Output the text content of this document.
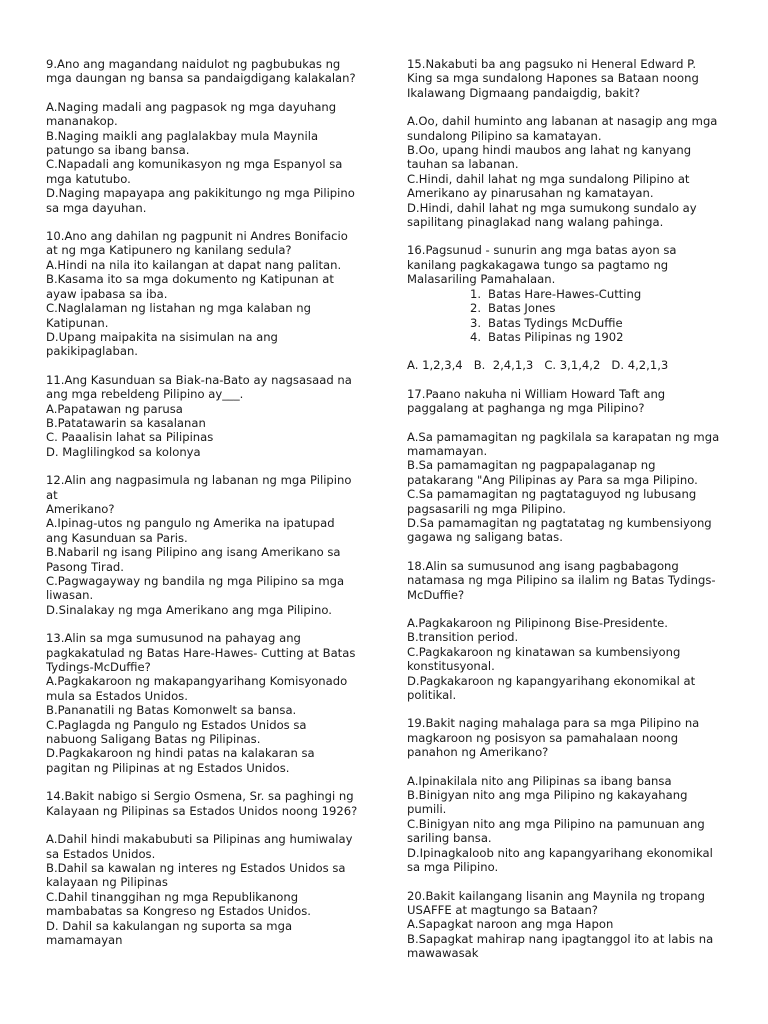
9.Ano ang magandang naidulot ng pagbubukas ng
mga daungan ng bansa sa pandaigdigang kalakalan?
A.Naging madali ang pagpasok ng mga dayuhang
mananakop.
B.Naging maikli ang paglalakbay mula Maynila
patungo sa ibang bansa.
C.Napadali ang komunikasyon ng mga Espanyol sa
mga katutubo.
D.Naging mapayapa ang pakikitungo ng mga Pilipino
sa mga dayuhan.
10.Ano ang dahilan ng pagpunit ni Andres Bonifacio
at ng mga Katipunero ng kanilang sedula?
A.Hindi na nila ito kailangan at dapat nang palitan.
B.Kasama ito sa mga dokumento ng Katipunan at
ayaw ipabasa sa iba.
C.Naglalaman ng listahan ng mga kalaban ng
Katipunan.
D.Upang maipakita na sisimulan na ang
pakikipaglaban.
11.Ang Kasunduan sa Biak-na-Bato ay nagsasaad na
ang mga rebeldeng Pilipino ay___.
A.Papatawan ng parusa
B.Patatawarin sa kasalanan
C. Paaalisin lahat sa Pilipinas
D. Maglilingkod sa kolonya
12.Alin ang nagpasimula ng labanan ng mga Pilipino
at
Amerikano?
A.Ipinag-utos ng pangulo ng Amerika na ipatupad
ang Kasunduan sa Paris.
B.Nabaril ng isang Pilipino ang isang Amerikano sa
Pasong Tirad.
C.Pagwagayway ng bandila ng mga Pilipino sa mga
liwasan.
D.Sinalakay ng mga Amerikano ang mga Pilipino.
13.Alin sa mga sumusunod na pahayag ang
pagkakatulad ng Batas Hare-Hawes- Cutting at Batas
Tydings-McDuffie?
A.Pagkakaroon ng makapangyarihang Komisyonado
mula sa Estados Unidos.
B.Pananatili ng Batas Komonwelt sa bansa.
C.Paglagda ng Pangulo ng Estados Unidos sa
nabuong Saligang Batas ng Pilipinas.
D.Pagkakaroon ng hindi patas na kalakaran sa
pagitan ng Pilipinas at ng Estados Unidos.
14.Bakit nabigo si Sergio Osmena, Sr. sa paghingi ng
Kalayaan ng Pilipinas sa Estados Unidos noong 1926?
A.Dahil hindi makabubuti sa Pilipinas ang humiwalay
sa Estados Unidos.
B.Dahil sa kawalan ng interes ng Estados Unidos sa
kalayaan ng Pilipinas
C.Dahil tinanggihan ng mga Republikanong
mambabatas sa Kongreso ng Estados Unidos.
D. Dahil sa kakulangan ng suporta sa mga
mamamayan
15.Nakabuti ba ang pagsuko ni Heneral Edward P.
King sa mga sundalong Hapones sa Bataan noong
Ikalawang Digmaang pandaigdig, bakit?
A.Oo, dahil huminto ang labanan at nasagip ang mga
sundalong Pilipino sa kamatayan.
B.Oo, upang hindi maubos ang lahat ng kanyang
tauhan sa labanan.
C.Hindi, dahil lahat ng mga sundalong Pilipino at
Amerikano ay pinarusahan ng kamatayan.
D.Hindi, dahil lahat ng mga sumukong sundalo ay
sapilitang pinaglakad nang walang pahinga.
16.Pagsunud - sunurin ang mga batas ayon sa
kanilang pagkakagawa tungo sa pagtamo ng
Malasariling Pamahalaan.
1. Batas Hare-Hawes-Cutting
2. Batas Jones
3. Batas Tydings McDuffie
4. Batas Pilipinas ng 1902
A. 1,2,3,4   B.  2,4,1,3   C. 3,1,4,2   D. 4,2,1,3
17.Paano nakuha ni William Howard Taft ang
paggalang at paghanga ng mga Pilipino?
A.Sa pamamagitan ng pagkilala sa karapatan ng mga
mamamayan.
B.Sa pamamagitan ng pagpapalaganap ng
patakarang "Ang Pilipinas ay Para sa mga Pilipino.
C.Sa pamamagitan ng pagtataguyod ng lubusang
pagsasarili ng mga Pilipino.
D.Sa pamamagitan ng pagtatatag ng kumbensiyong
gagawa ng saligang batas.
18.Alin sa sumusunod ang isang pagbabagong
natamasa ng mga Pilipino sa ilalim ng Batas Tydings-
McDuffie?
A.Pagkakaroon ng Pilipinong Bise-Presidente.
B.transition period.
C.Pagkakaroon ng kinatawan sa kumbensiyong
konstitusyonal.
D.Pagkakaroon ng kapangyarihang ekonomikal at
politikal.
19.Bakit naging mahalaga para sa mga Pilipino na
magkaroon ng posisyon sa pamahalaan noong
panahon ng Amerikano?
A.Ipinakilala nito ang Pilipinas sa ibang bansa
B.Binigyan nito ang mga Pilipino ng kakayahang
pumili.
C.Binigyan nito ang mga Pilipino na pamunuan ang
sariling bansa.
D.Ipinagkaloob nito ang kapangyarihang ekonomikal
sa mga Pilipino.
20.Bakit kailangang lisanin ang Maynila ng tropang
USAFFE at magtungo sa Bataan?
A.Sapagkat naroon ang mga Hapon
B.Sapagkat mahirap nang ipagtanggol ito at labis na
mawawasak
